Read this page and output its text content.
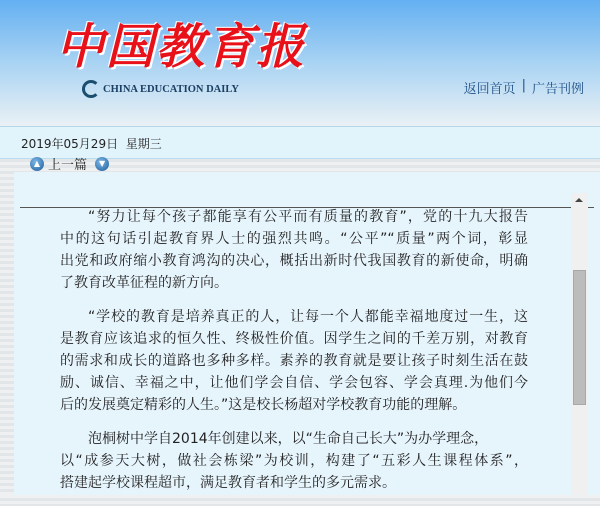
中国教育报
CHINA EDUCATION DAILY	返回首页 | 广告刊例
2019年05月29日  星期三
▲ 上一篇	▼
“努力让每个孩子都能享有公平而有质量的教育”，党的十九大报告
中的这句话引起教育界人士的强烈共鸣。“公平”“质量”两个词，彰显
出党和政府缩小教育鸿沟的决心，概括出新时代我国教育的新使命，明确
了教育改革征程的新方向。
“学校的教育是培养真正的人，让每一个人都能幸福地度过一生，这
是教育应该追求的恒久性、终极性价值。因学生之间的千差万别，对教育
的需求和成长的道路也多种多样。素养的教育就是要让孩子时刻生活在鼓
励、诚信、幸福之中，让他们学会自信、学会包容、学会真理.为他们今
后的发展奠定精彩的人生。”这是校长杨超对学校教育功能的理解。
泡桐树中学自2014年创建以来，以“生命自己长大”为办学理念，
以“成参天大树，做社会栋梁”为校训，构建了“五彩人生课程体系”，
搭建起学校课程超市，满足教育者和学生的多元需求。
